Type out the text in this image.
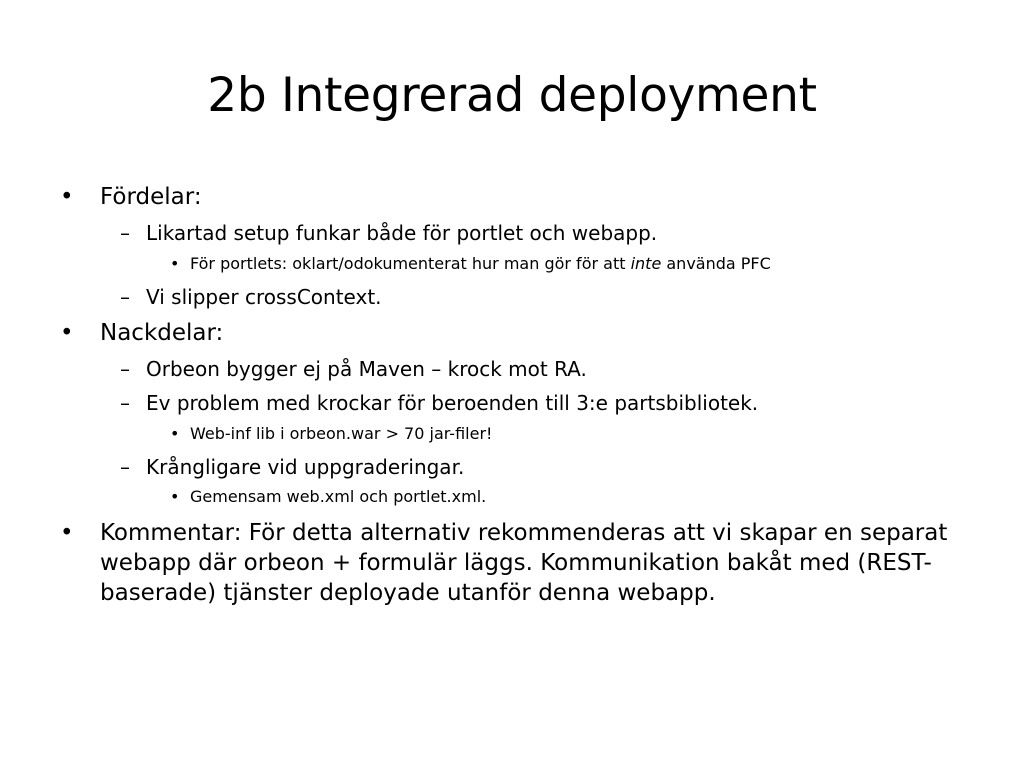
2b Integrerad deployment
• Fördelar:
– Likartad setup funkar både för portlet och webapp.
• För portlets: oklart/odokumenterat hur man gör för att inte använda PFC
– Vi slipper crossContext.
• Nackdelar:
– Orbeon bygger ej på Maven – krock mot RA.
– Ev problem med krockar för beroenden till 3:e partsbibliotek.
• Web-inf lib i orbeon.war > 70 jar-filer!
– Krångligare vid uppgraderingar.
• Gemensam web.xml och portlet.xml.
• Kommentar: För detta alternativ rekommenderas att vi skapar en separat webapp där orbeon + formulär läggs. Kommunikation bakåt med (REST-baserade) tjänster deployade utanför denna webapp.
